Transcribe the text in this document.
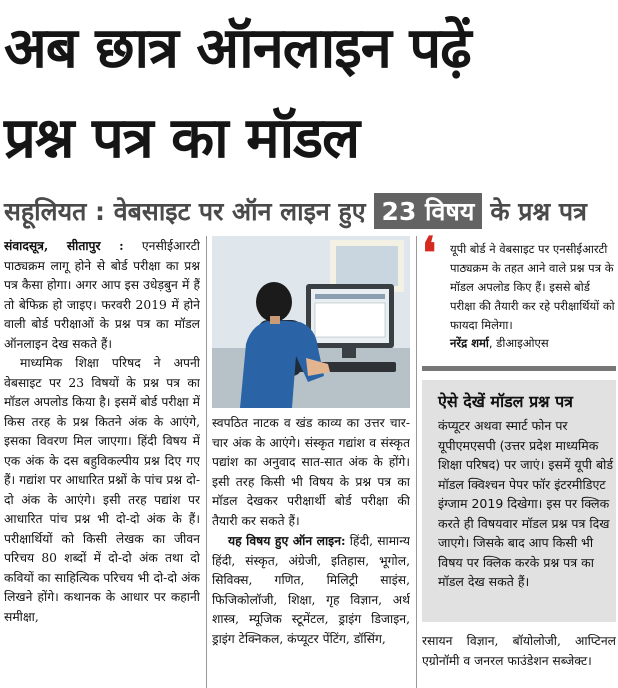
अब छात्र ऑनलाइन पढ़ें
प्रश्न पत्र का मॉडल
सहूलियत : वेबसाइट पर ऑन लाइन हुए 23 विषय के प्रश्न पत्र

संवादसूत्र, सीतापुर : एनसीईआरटी पाठ्यक्रम लागू होने से बोर्ड परीक्षा का प्रश्न पत्र कैसा होगा। अगर आप इस उधेड़बुन में हैं तो बेफिक्र हो जाइए। फरवरी 2019 में होने वाली बोर्ड परीक्षाओं के प्रश्न पत्र का मॉडल ऑनलाइन देख सकते हैं।

माध्यमिक शिक्षा परिषद ने अपनी वेबसाइट पर 23 विषयों के प्रश्न पत्र का मॉडल अपलोड किया है। इसमें बोर्ड परीक्षा में किस तरह के प्रश्न कितने अंक के आएंगे, इसका विवरण मिल जाएगा। हिंदी विषय में एक अंक के दस बहुविकल्पीय प्रश्न दिए गए हैं। गद्यांश पर आधारित प्रश्नों के पांच प्रश्न दो-दो अंक के आएंगे। इसी तरह पद्यांश पर आधारित पांच प्रश्न भी दो-दो अंक के हैं। परीक्षार्थियों को किसी लेखक का जीवन परिचय 80 शब्दों में दो-दो अंक तथा दो कवियों का साहित्यिक परिचय भी दो-दो अंक लिखने होंगे। कथानक के आधार पर कहानी समीक्षा,

स्वपठित नाटक व खंड काव्य का उत्तर चार-चार अंक के आएंगे। संस्कृत गद्यांश व संस्कृत पद्यांश का अनुवाद सात-सात अंक के होंगे। इसी तरह किसी भी विषय के प्रश्न पत्र का मॉडल देखकर परीक्षार्थी बोर्ड परीक्षा की तैयारी कर सकते हैं।

यह विषय हुए ऑन लाइन: हिंदी, सामान्य हिंदी, संस्कृत, अंग्रेजी, इतिहास, भूगोल, सिविक्स, गणित, मिलिट्री साइंस, फिजिकोलॉजी, शिक्षा, गृह विज्ञान, अर्थ शास्त्र, म्यूजिक स्टूमेंटल, ड्राइंग डिजाइन, ड्राइंग टेक्निकल, कंप्यूटर पेंटिंग, डॉसिंग,

❛ यूपी बोर्ड ने वेबसाइट पर एनसीईआरटी पाठ्यक्रम के तहत आने वाले प्रश्न पत्र के मॉडल अपलोड किए हैं। इससे बोर्ड परीक्षा की तैयारी कर रहे परीक्षार्थियों को फायदा मिलेगा।
नरेंद्र शर्मा, डीआइओएस
ऐसे देखें मॉडल प्रश्न पत्र
कंप्यूटर अथवा स्मार्ट फोन पर यूपीएमएसपी (उत्तर प्रदेश माध्यमिक शिक्षा परिषद) पर जाएं। इसमें यूपी बोर्ड मॉडल क्विश्चन पेपर फॉर इंटरमीडिएट इंग्जाम 2019 दिखेगा। इस पर क्लिक करते ही विषयवार मॉडल प्रश्न पत्र दिख जाएगे। जिसके बाद आप किसी भी विषय पर क्लिक करके प्रश्न पत्र का मॉडल देख सकते हैं।

रसायन विज्ञान, बॉयोलोजी, आप्टिनल एग्रोनॉमी व जनरल फाउंडेशन सब्जेक्ट।
